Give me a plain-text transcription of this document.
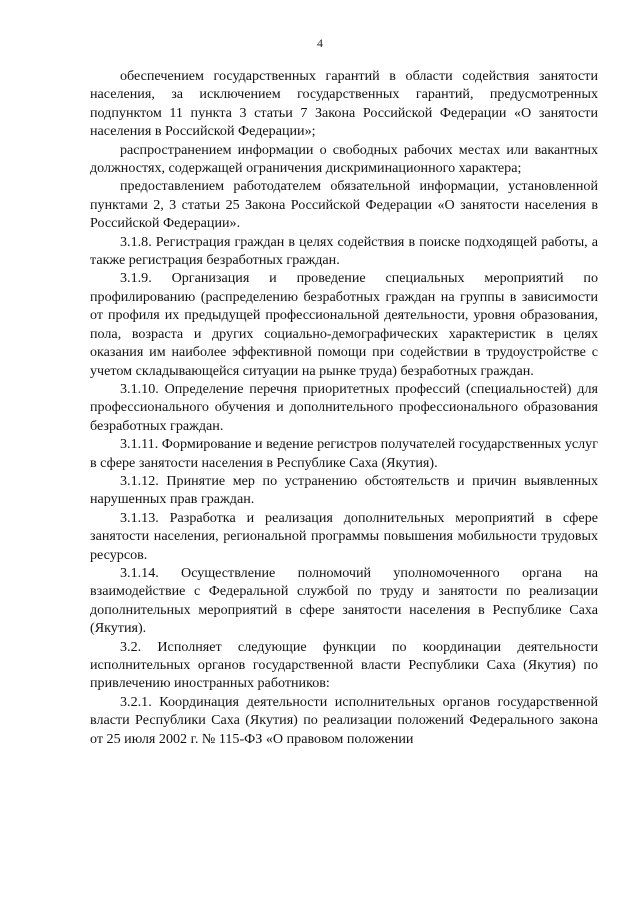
4

обеспечением государственных гарантий в области содействия занятости населения, за исключением государственных гарантий, предусмотренных подпунктом 11 пункта 3 статьи 7 Закона Российской Федерации «О занятости населения в Российской Федерации»;

распространением информации о свободных рабочих местах или вакантных должностях, содержащей ограничения дискриминационного характера;

предоставлением работодателем обязательной информации, установленной пунктами 2, 3 статьи 25 Закона Российской Федерации «О занятости населения в Российской Федерации».

3.1.8. Регистрация граждан в целях содействия в поиске подходящей работы, а также регистрация безработных граждан.

3.1.9. Организация и проведение специальных мероприятий по профилированию (распределению безработных граждан на группы в зависимости от профиля их предыдущей профессиональной деятельности, уровня образования, пола, возраста и других социально-демографических характеристик в целях оказания им наиболее эффективной помощи при содействии в трудоустройстве с учетом складывающейся ситуации на рынке труда) безработных граждан.

3.1.10. Определение перечня приоритетных профессий (специальностей) для профессионального обучения и дополнительного профессионального образования безработных граждан.

3.1.11. Формирование и ведение регистров получателей государственных услуг в сфере занятости населения в Республике Саха (Якутия).

3.1.12. Принятие мер по устранению обстоятельств и причин выявленных нарушенных прав граждан.

3.1.13. Разработка и реализация дополнительных мероприятий в сфере занятости населения, региональной программы повышения мобильности трудовых ресурсов.

3.1.14. Осуществление полномочий уполномоченного органа на взаимодействие с Федеральной службой по труду и занятости по реализации дополнительных мероприятий в сфере занятости населения в Республике Саха (Якутия).

3.2. Исполняет следующие функции по координации деятельности исполнительных органов государственной власти Республики Саха (Якутия) по привлечению иностранных работников:

3.2.1. Координация деятельности исполнительных органов государственной власти Республики Саха (Якутия) по реализации положений Федерального закона от 25 июля 2002 г. № 115-ФЗ «О правовом положении
